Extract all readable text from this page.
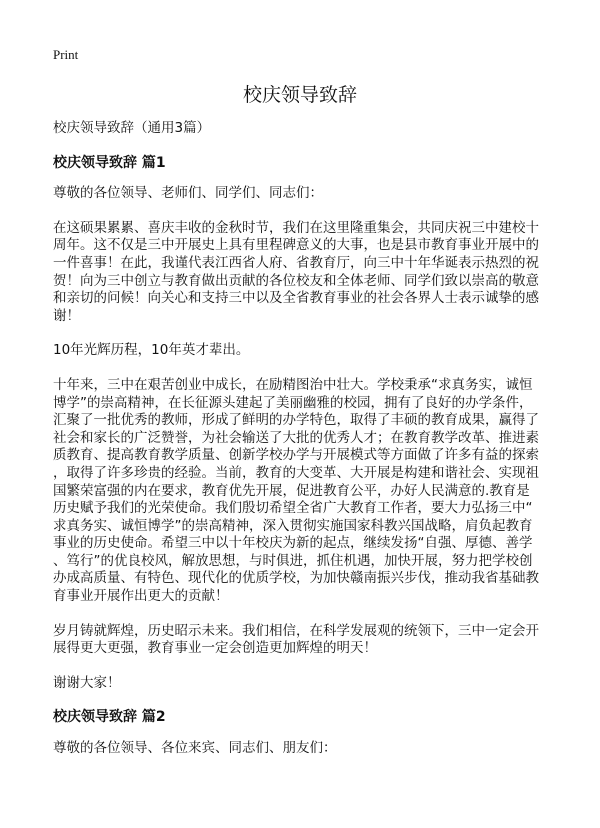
Print
校庆领导致辞

校庆领导致辞（通用3篇）

校庆领导致辞 篇1

尊敬的各位领导、老师们、同学们、同志们：

在这硕果累累、喜庆丰收的金秋时节，我们在这里隆重集会，共同庆祝三中建校十
周年。这不仅是三中开展史上具有里程碑意义的大事，也是县市教育事业开展中的
一件喜事！在此，我谨代表江西省人府、省教育厅，向三中十年华诞表示热烈的祝
贺！向为三中创立与教育做出贡献的各位校友和全体老师、同学们致以崇高的敬意
和亲切的问候！向关心和支持三中以及全省教育事业的社会各界人士表示诚挚的感
谢！

10年光辉历程，10年英才辈出。

十年来，三中在艰苦创业中成长，在励精图治中壮大。学校秉承“求真务实，诚恒
博学”的崇高精神，在长征源头建起了美丽幽雅的校园，拥有了良好的办学条件，
汇聚了一批优秀的教师，形成了鲜明的办学特色，取得了丰硕的教育成果，赢得了
社会和家长的广泛赞誉，为社会输送了大批的优秀人才；在教育教学改革、推进素
质教育、提高教育教学质量、创新学校办学与开展模式等方面做了许多有益的探索
，取得了许多珍贵的经验。当前，教育的大变革、大开展是构建和谐社会、实现祖
国繁荣富强的内在要求，教育优先开展，促进教育公平，办好人民满意的.教育是
历史赋予我们的光荣使命。我们殷切希望全省广大教育工作者，要大力弘扬三中“
求真务实、诚恒博学”的崇高精神，深入贯彻实施国家科教兴国战略，肩负起教育
事业的历史使命。希望三中以十年校庆为新的起点，继续发扬“自强、厚德、善学
、笃行”的优良校风，解放思想，与时俱进，抓住机遇，加快开展，努力把学校创
办成高质量、有特色、现代化的优质学校，为加快赣南振兴步伐，推动我省基础教
育事业开展作出更大的贡献！

岁月铸就辉煌，历史昭示未来。我们相信，在科学发展观的统领下，三中一定会开
展得更大更强，教育事业一定会创造更加辉煌的明天！

谢谢大家！

校庆领导致辞 篇2

尊敬的各位领导、各位来宾、同志们、朋友们：
